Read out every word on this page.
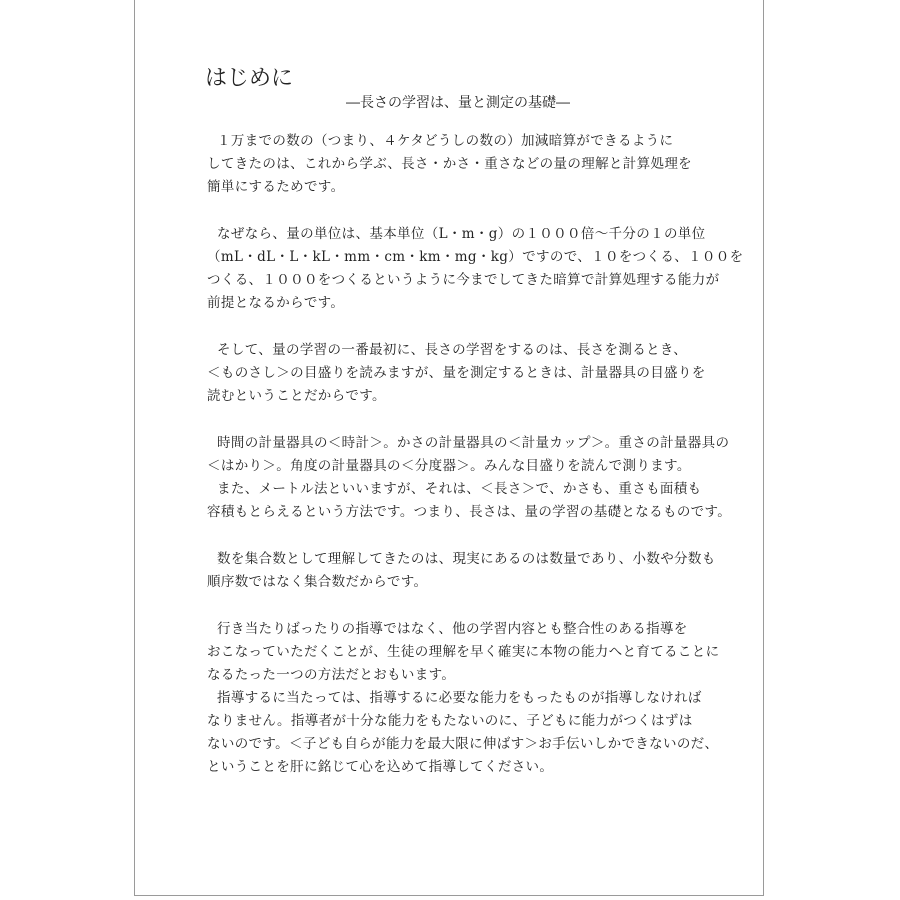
はじめに
―長さの学習は、量と測定の基礎―
１万までの数の（つまり、４ケタどうしの数の）加減暗算ができるように
してきたのは、これから学ぶ、長さ・かさ・重さなどの量の理解と計算処理を
簡単にするためです。
なぜなら、量の単位は、基本単位（L・m・g）の１０００倍～千分の１の単位
（mL・dL・L・kL・mm・cm・km・mg・kg）ですので、１０をつくる、１００を
つくる、１０００をつくるというように今までしてきた暗算で計算処理する能力が
前提となるからです。
そして、量の学習の一番最初に、長さの学習をするのは、長さを測るとき、
＜ものさし＞の目盛りを読みますが、量を測定するときは、計量器具の目盛りを
読むということだからです。
時間の計量器具の＜時計＞。かさの計量器具の＜計量カップ＞。重さの計量器具の
＜はかり＞。角度の計量器具の＜分度器＞。みんな目盛りを読んで測ります。
また、メートル法といいますが、それは、＜長さ＞で、かさも、重さも面積も
容積もとらえるという方法です。つまり、長さは、量の学習の基礎となるものです。
数を集合数として理解してきたのは、現実にあるのは数量であり、小数や分数も
順序数ではなく集合数だからです。
行き当たりばったりの指導ではなく、他の学習内容とも整合性のある指導を
おこなっていただくことが、生徒の理解を早く確実に本物の能力へと育てることに
なるたった一つの方法だとおもいます。
指導するに当たっては、指導するに必要な能力をもったものが指導しなければ
なりません。指導者が十分な能力をもたないのに、子どもに能力がつくはずは
ないのです。＜子ども自らが能力を最大限に伸ばす＞お手伝いしかできないのだ、
ということを肝に銘じて心を込めて指導してください。
